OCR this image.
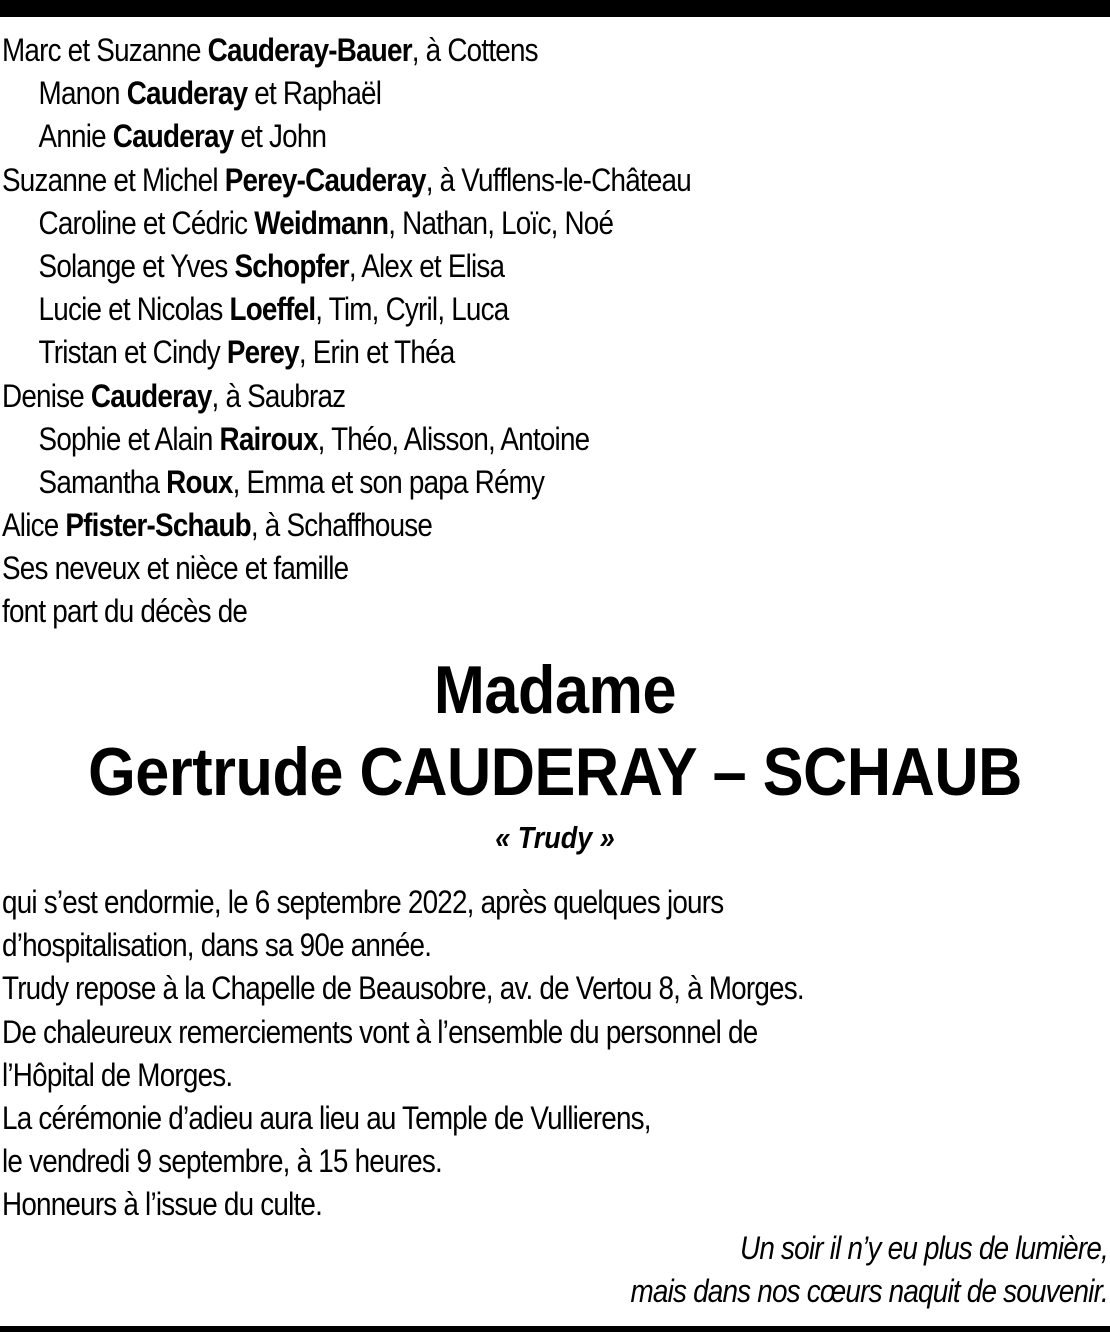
Marc et Suzanne Cauderay-Bauer, à Cottens
Manon Cauderay et Raphaël
Annie Cauderay et John
Suzanne et Michel Perey-Cauderay, à Vufflens-le-Château
Caroline et Cédric Weidmann, Nathan, Loïc, Noé
Solange et Yves Schopfer, Alex et Elisa
Lucie et Nicolas Loeffel, Tim, Cyril, Luca
Tristan et Cindy Perey, Erin et Théa
Denise Cauderay, à Saubraz
Sophie et Alain Rairoux, Théo, Alisson, Antoine
Samantha Roux, Emma et son papa Rémy
Alice Pfister-Schaub, à Schaffhouse
Ses neveux et nièce et famille
font part du décès de
Madame
Gertrude CAUDERAY – SCHAUB
« Trudy »
qui s’est endormie, le 6 septembre 2022, après quelques jours
d’hospitalisation, dans sa 90e année.
Trudy repose à la Chapelle de Beausobre, av. de Vertou 8, à Morges.
De chaleureux remerciements vont à l’ensemble du personnel de
l’Hôpital de Morges.
La cérémonie d’adieu aura lieu au Temple de Vullierens,
le vendredi 9 septembre, à 15 heures.
Honneurs à l’issue du culte.
Un soir il n’y eu plus de lumière,
mais dans nos cœurs naquit de souvenir.
